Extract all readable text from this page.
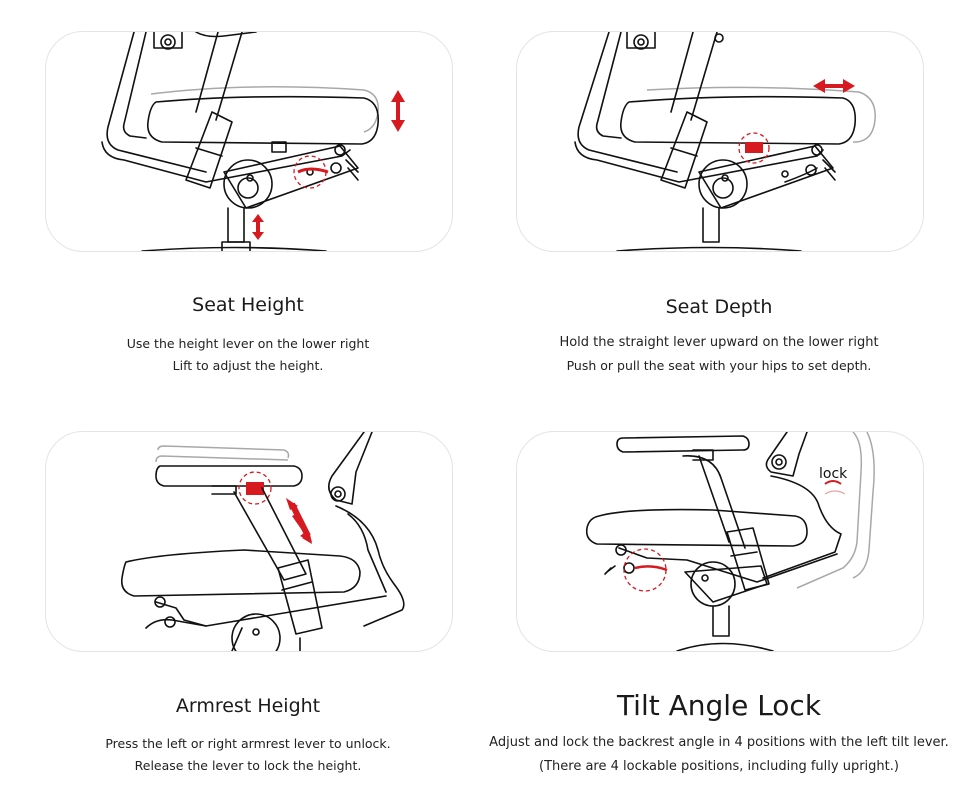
Seat Height
Use the height lever on the lower right
Lift to adjust the height.
Seat Depth
Hold the straight lever upward on the lower right
Push or pull the seat with your hips to set depth.
Armrest Height
Press the left or right armrest lever to unlock.
Release the lever to lock the height.
lock
Tilt Angle Lock
Adjust and lock the backrest angle in 4 positions with the left tilt lever.
(There are 4 lockable positions, including fully upright.)
